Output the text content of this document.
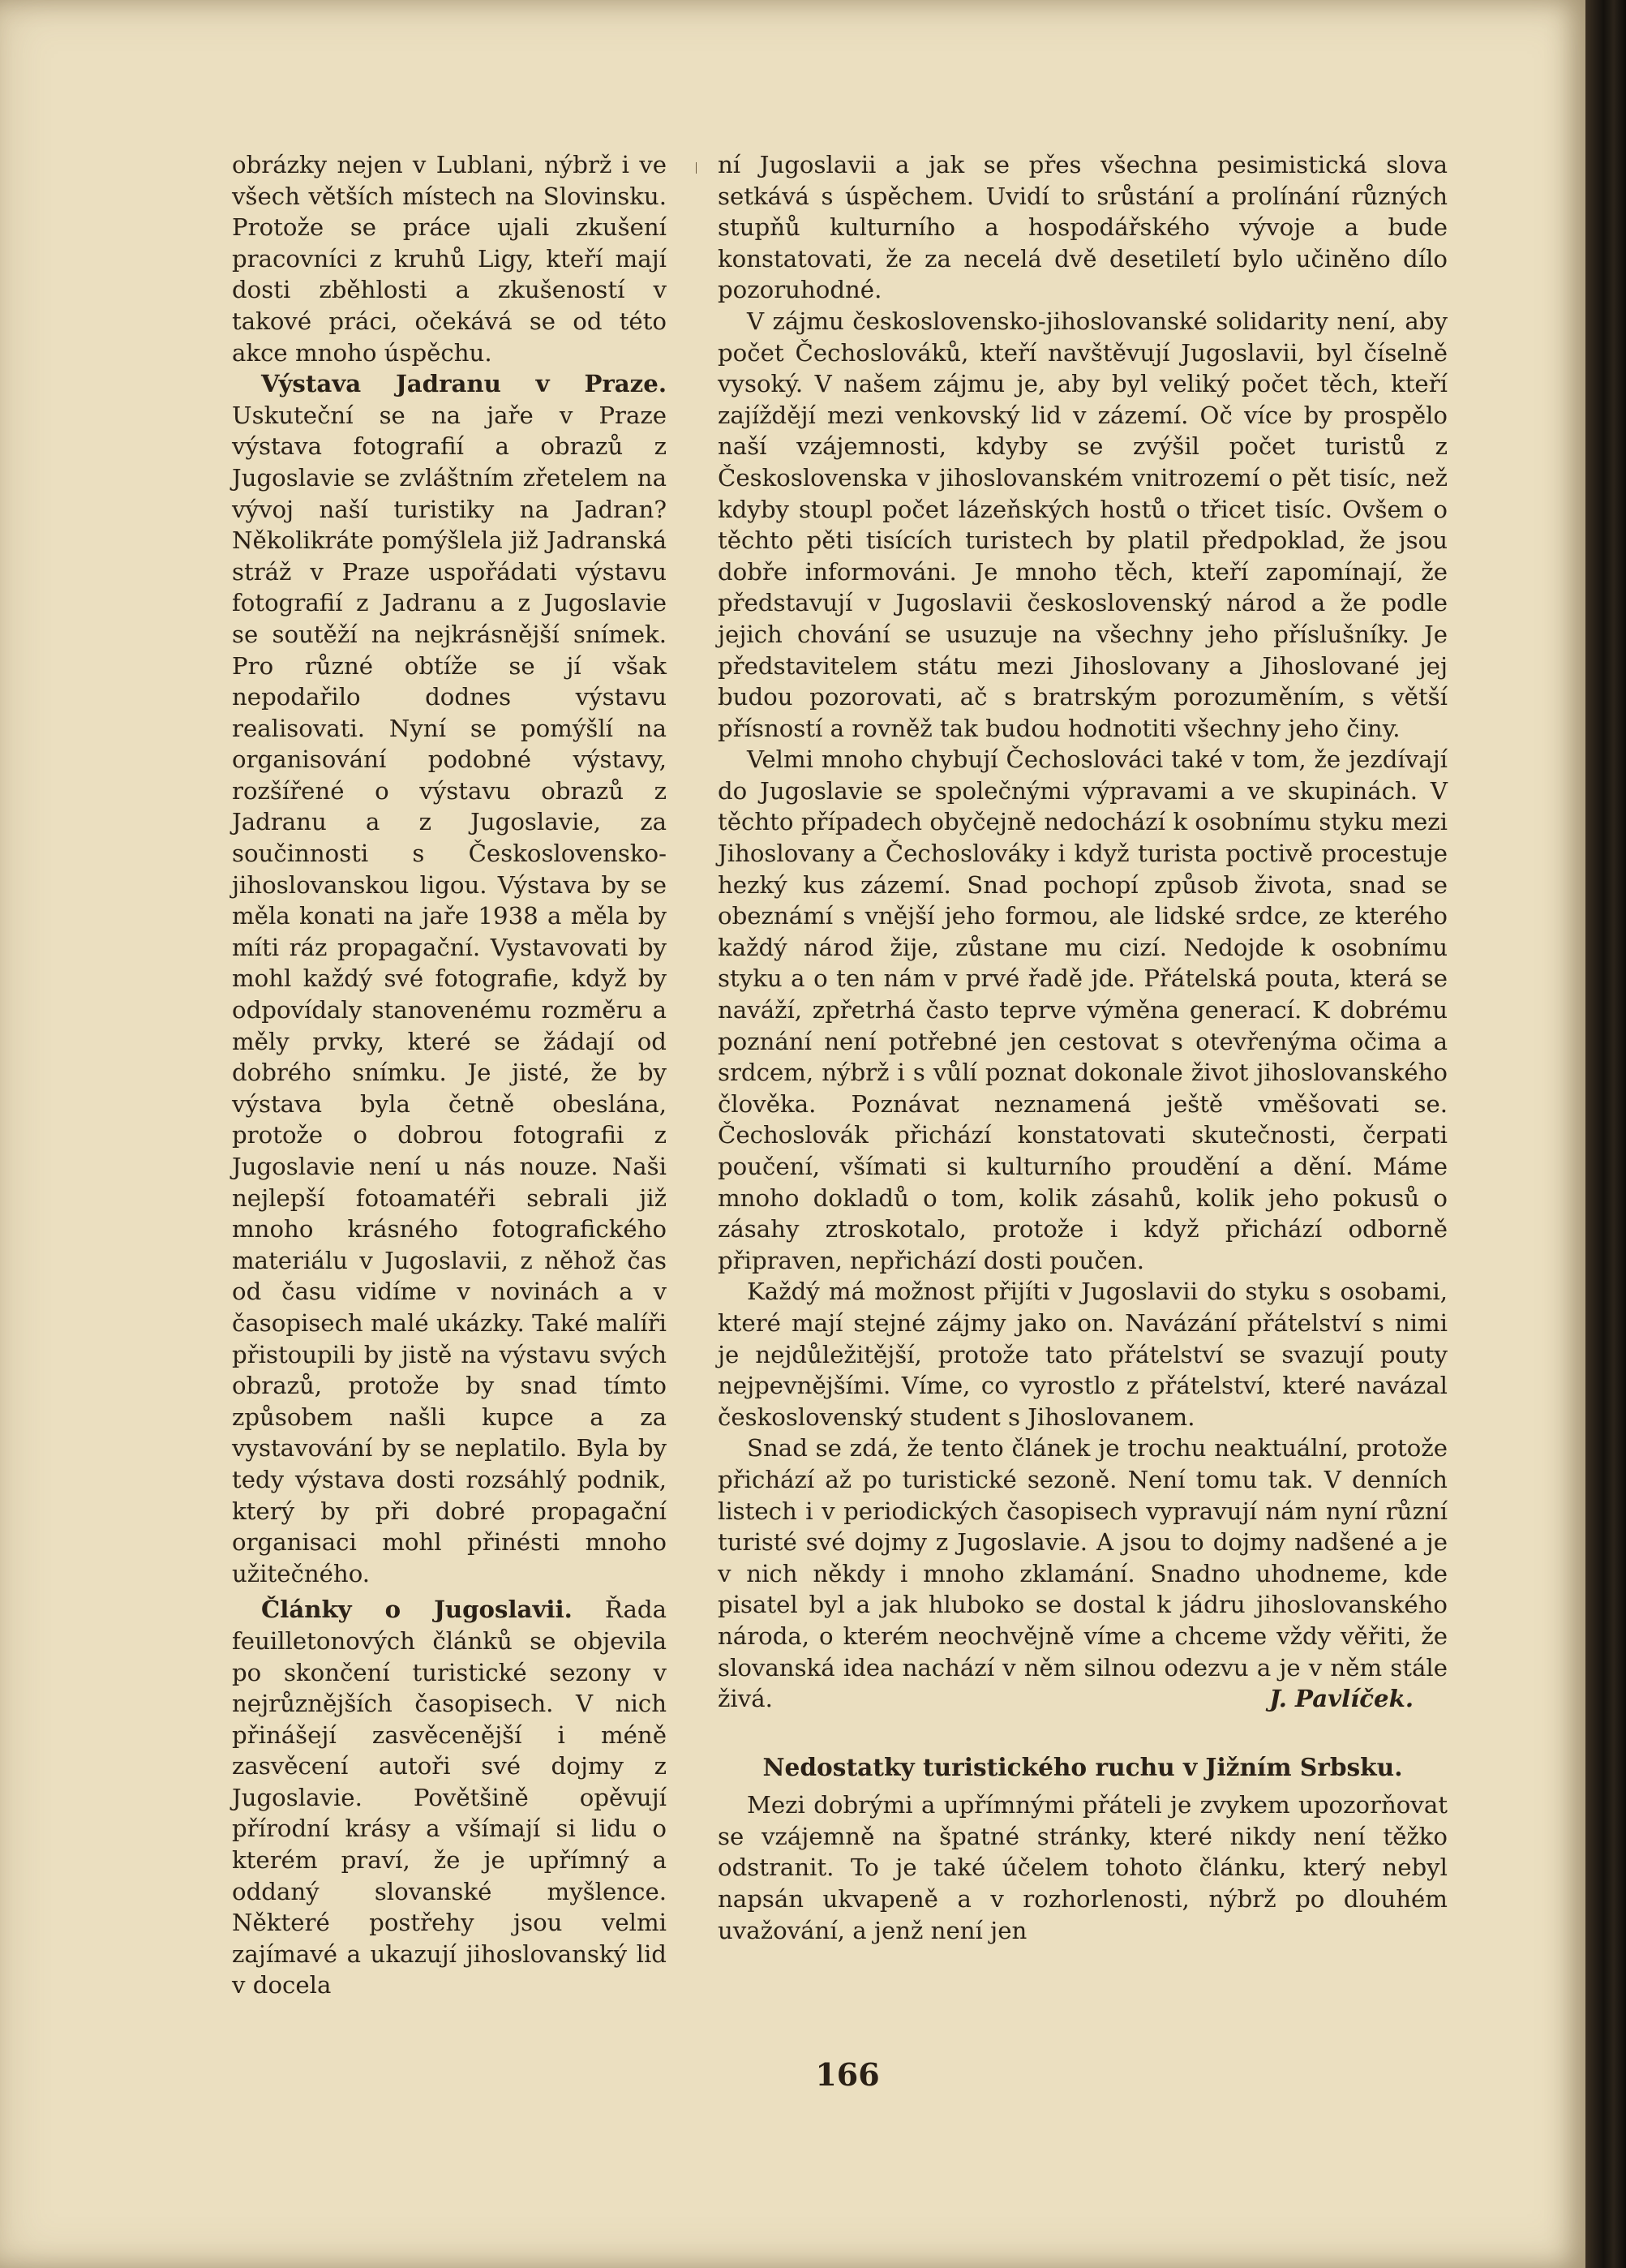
obrázky nejen v Lublani, nýbrž i ve všech větších místech na Slovinsku. Protože se práce ujali zkušení pracovníci z kruhů Ligy, kteří mají dosti zběhlosti a zkušeností v takové práci, očekává se od této akce mnoho úspěchu.

Výstava Jadranu v Praze. Uskuteční se na jaře v Praze výstava fotografií a obrazů z Jugoslavie se zvláštním zřetelem na vývoj naší turistiky na Jadran? Několikráte pomýšlela již Jadranská stráž v Praze uspořádati výstavu fotografií z Jadranu a z Jugoslavie se soutěží na nejkrásnější snímek. Pro různé obtíže se jí však nepodařilo dodnes výstavu realisovati. Nyní se pomýšlí na organisování podobné výstavy, rozšířené o výstavu obrazů z Jadranu a z Jugoslavie, za součinnosti s Československo-jihoslovanskou ligou. Výstava by se měla konati na jaře 1938 a měla by míti ráz propagační. Vystavovati by mohl každý své fotografie, když by odpovídaly stanovenému rozměru a měly prvky, které se žádají od dobrého snímku. Je jisté, že by výstava byla četně obeslána, protože o dobrou fotografii z Jugoslavie není u nás nouze. Naši nejlepší fotoamatéři sebrali již mnoho krásného fotografického materiálu v Jugoslavii, z něhož čas od času vidíme v novinách a v časopisech malé ukázky. Také malíři přistoupili by jistě na výstavu svých obrazů, protože by snad tímto způsobem našli kupce a za vystavování by se neplatilo. Byla by tedy výstava dosti rozsáhlý podnik, který by při dobré propagační organisaci mohl přinésti mnoho užitečného.

Články o Jugoslavii. Řada feuilletonových článků se objevila po skončení turistické sezony v nejrůznějších časopisech. V nich přinášejí zasvěcenější i méně zasvěcení autoři své dojmy z Jugoslavie. Povětšině opěvují přírodní krásy a všímají si lidu o kterém praví, že je upřímný a oddaný slovanské myšlence. Některé postřehy jsou velmi zajímavé a ukazují jihoslovanský lid v docela

ní Jugoslavii a jak se přes všechna pesimistická slova setkává s úspěchem. Uvidí to srůstání a prolínání různých stupňů kulturního a hospodářského vývoje a bude konstatovati, že za necelá dvě desetiletí bylo učiněno dílo pozoruhodné.

V zájmu československo-jihoslovanské solidarity není, aby počet Čechoslováků, kteří navštěvují Jugoslavii, byl číselně vysoký. V našem zájmu je, aby byl veliký počet těch, kteří zajíždějí mezi venkovský lid v zázemí. Oč více by prospělo naší vzájemnosti, kdyby se zvýšil počet turistů z Československa v jihoslovanském vnitrozemí o pět tisíc, než kdyby stoupl počet lázeňských hostů o třicet tisíc. Ovšem o těchto pěti tisících turistech by platil předpoklad, že jsou dobře informováni. Je mnoho těch, kteří zapomínají, že představují v Jugoslavii československý národ a že podle jejich chování se usuzuje na všechny jeho příslušníky. Je představitelem státu mezi Jihoslovany a Jihoslované jej budou pozorovati, ač s bratrským porozuměním, s větší přísností a rovněž tak budou hodnotiti všechny jeho činy.

Velmi mnoho chybují Čechoslováci také v tom, že jezdívají do Jugoslavie se společnými výpravami a ve skupinách. V těchto případech obyčejně nedochází k osobnímu styku mezi Jihoslovany a Čechoslováky i když turista poctivě procestuje hezký kus zázemí. Snad pochopí způsob života, snad se obeznámí s vnější jeho formou, ale lidské srdce, ze kterého každý národ žije, zůstane mu cizí. Nedojde k osobnímu styku a o ten nám v prvé řadě jde. Přátelská pouta, která se naváží, zpřetrhá často teprve výměna generací. K dobrému poznání není potřebné jen cestovat s otevřenýma očima a srdcem, nýbrž i s vůlí poznat dokonale život jihoslovanského člověka. Poznávat neznamená ještě vměšovati se. Čechoslovák přichází konstatovati skutečnosti, čerpati poučení, všímati si kulturního proudění a dění. Máme mnoho dokladů o tom, kolik zásahů, kolik jeho pokusů o zásahy ztroskotalo, protože i když přichází odborně připraven, nepřichází dosti poučen.

Každý má možnost přijíti v Jugoslavii do styku s osobami, které mají stejné zájmy jako on. Navázání přátelství s nimi je nejdůležitější, protože tato přátelství se svazují pouty nejpevnějšími. Víme, co vyrostlo z přátelství, které navázal československý student s Jihoslovanem.

Snad se zdá, že tento článek je trochu neaktuální, protože přichází až po turistické sezoně. Není tomu tak. V denních listech i v periodických časopisech vypravují nám nyní různí turisté své dojmy z Jugoslavie. A jsou to dojmy nadšené a je v nich někdy i mnoho zklamání. Snadno uhodneme, kde pisatel byl a jak hluboko se dostal k jádru jihoslovanského národa, o kterém neochvějně víme a chceme vždy věřiti, že slovanská idea nachází v něm silnou odezvu a je v něm stále živá.	J. Pavlíček.
Nedostatky turistického ruchu v Jižním Srbsku.

Mezi dobrými a upřímnými přáteli je zvykem upozorňovat se vzájemně na špatné stránky, které nikdy není těžko odstranit. To je také účelem tohoto článku, který nebyl napsán ukvapeně a v rozhorlenosti, nýbrž po dlouhém uvažování, a jenž není jen

166
